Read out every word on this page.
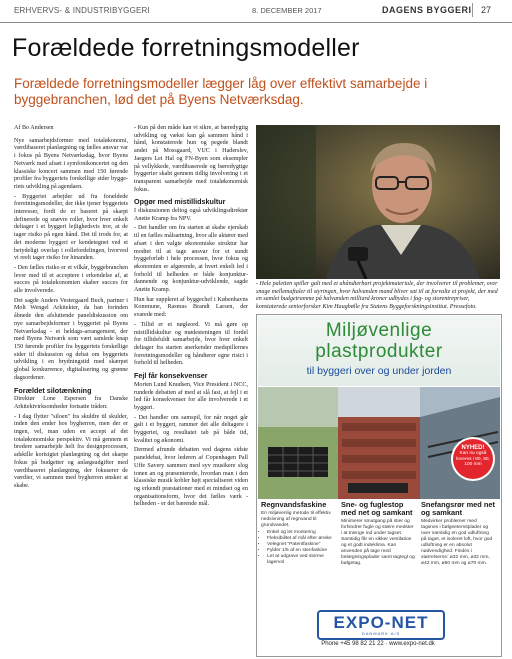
ERHVERVS- & INDUSTRIBYGGERI	8. DECEMBER 2017	DAGENS BYGGERI 27
Forældede forretningsmodeller
Forældede forretningsmodeller lægger låg over effektivt samarbejde i byggebranchen, lød det på Byens Netværksdag.

Af Bo Andersen

Nye samarbejdsformer med totaløkonomi, værdibaseret planlægning og fælles ansvar var i fokus på Byens Netværksdag, hvor Byens Netværk med afsæt i symfonikoncertet og den klassiske koncert sammen med 150 førende profiler fra byggeriets forskellige sider byggeriets udvikling på agendaen.

- Byggeriet arbejder ud fra forældede forretningsmodeller, der ikke tjener byggeriets interesser, fordi de er baseret på skarpt definerede og snævre roller, hvor hver enkelt deltager i et byggeri lejlighedsvis tror, at de tager risiko på egen hånd. Det til trods for, at det moderne byggeri er kendetegnet ved et betydeligt overlap i rollefordelingen, hvorved vi reelt tager risiko for hinanden.

- Den fælles risiko er et vilkår, byggebranchen lever med til et acceptere i erkendelse af, at succes på totaløkonomien skaber succes for alle involverede.

Det sagde Anders Vestergaard Buch, partner i Molt Wengel Arkitekter, da han forinden åbnede den afsluttende paneldiskussion om nye samarbejdsformer i byggeriet på Byens Netværksdag - et heldags-arrangement, der med Byens Netværk som vært samlede knap 150 førende profiler fra byggeriets forskellige sider til diskussion og debat om byggeriets udvikling i en brydningstid med skærpet global konkurrence, digitalisering og grønne dagsordener.

Forældet silotænkning

Direktør Lone Espersen fra Danske Arkitektvirksomheder fortsatte tråden:

- I dag flytter "siloen" fra skuldre til skulder, inden den ender hos bygherren, men der er ingen, vel, man uden en accept af det totaløkonomiske perspektiv. Vi må gennem et bredere samarbejde helt fra designprocessen, adskille kortsigtet planlægning og det skarpe fokus på budgetter og anlægsudgifter med værdibaseret planlægning, der fokuserer de værdier, vi sammen med bygherren ønsker at skabe.

- Kun på den måde kan vi sikre, at bæredygtig udvikling og vækst kan gå sammen hånd i hånd, konstaterede hun og pegede blandt andet på Mossgaard, VUC i Haderslev, Jaegers Lei Hal og FN-Byen som eksempler på vellykkede, værdibaserede og bæredygtige byggerier skabt gennem tidlig involvering i et transparent samarbejde med totaløkonomisk fokus.

Opgør med mistillidskultur

I diskussionen deltog også udviklingsdirektør Anette Kramp fra NPV.

- Det handler om fra starten at skabe ejerskab til en fælles målsætning, hvor alle aktører med afsæt i den valgte økonomiske struktur har modtet til at tage ansvar for et sundt byggeforløb i hele processen, hvor fokus og økonomien er afgørende, at hvert enkelt led i forhold til helheden er både konjunktur-dannende og konjunktur-udviklende, sagde Anette Kramp.

Hun har suppleret af byggechef i Københavns Kommune, Rasmus Brandt Larsen, der svarede med:

- Tillid er et nøgleord. Vi må gøre op mistillidskultur og mødesteningen til fordel for tillidsfuldt samarbejde, hvor hver enkelt deltager fra starten anerkender medspillernes forretningsmodeller og håndterer egne risici i forhold til helheden.

Fejl får konsekvenser

Morten Lund Knudsen, Vice President i NCC, rundede debatten af med at slå fast, at fejl i et led får konsekvenser for alle involverede i et byggeri.

- Det handler om samspil, for når noget går galt i et byggeri, rammer det alle deltagere i byggeriet, og resultatet tab på både tid, kvalitet og økonomi.

Dermed afrunde debatten ved dagens sidste paneldebat, hvor lederen af Copenhagen Pall Uffe Savery sammen med syv musikere slog tonen an og præsenterede, hvordan man i den klassiske musik kobler højt specialiseret viden og erkendt præstationer med et mindset og en organisationsform, hvor det fælles værk - helheden - er det bærende mål.

- Hele paletten spiller galt med et uhåndterbart projektmateriale, der involverer til problemer, over snage mellemaftaler til styringen, hvor halvanden mand bliver sat til at forvalte et projekt, der med en samlet budgetramme på halvanden milliard kroner udbydes i fag- og storentrepriser, konstaterede seniorforsker Kim Haugbølle fra Statens Byggeforskningsinstitut. Pressefoto.
Miljøvenlige
plastprodukter
til byggeri over og under jorden
NYHED!
Kan nu også leveres i 60, 80, 100 mm
Regnvandsfaskine
En miljøvenlig metode til effektiv nedsivning af regnvand til grundvandet.
• Enkel og let montering
• Fleksibilitet af mål efter ønske
• Velegnet "Patentfaskine"
• Fylder 1/5 af en stenfaskine
• Let at udgrave ved storme lagervol
Sne- og fuglestop med net og samkant
Minimerer smutgang på stier og forhindrer fugle og stære medster i at trænge ind under tagset. Samtidig får en sikker ventilation og et godt indeklima. Kan anvendes på tage med belægningsplader samt tagtegl og bølgetag.
Snefangsrør med net og samkant
Medvirker problemer med tagsnes i bølgeeternitplader og over samtidig en god udluftning på taget, et isoleret loft, hvor god udluftning er en absolut nødvendighed. Findes i størrelserne: ø32 mm, ø32 mm, ø42 mm, ø50 mm og ø70 mm.
EXPO-NET
DANMARK A/S
Phone +45 98 82 21 22 · www.expo-net.dk
